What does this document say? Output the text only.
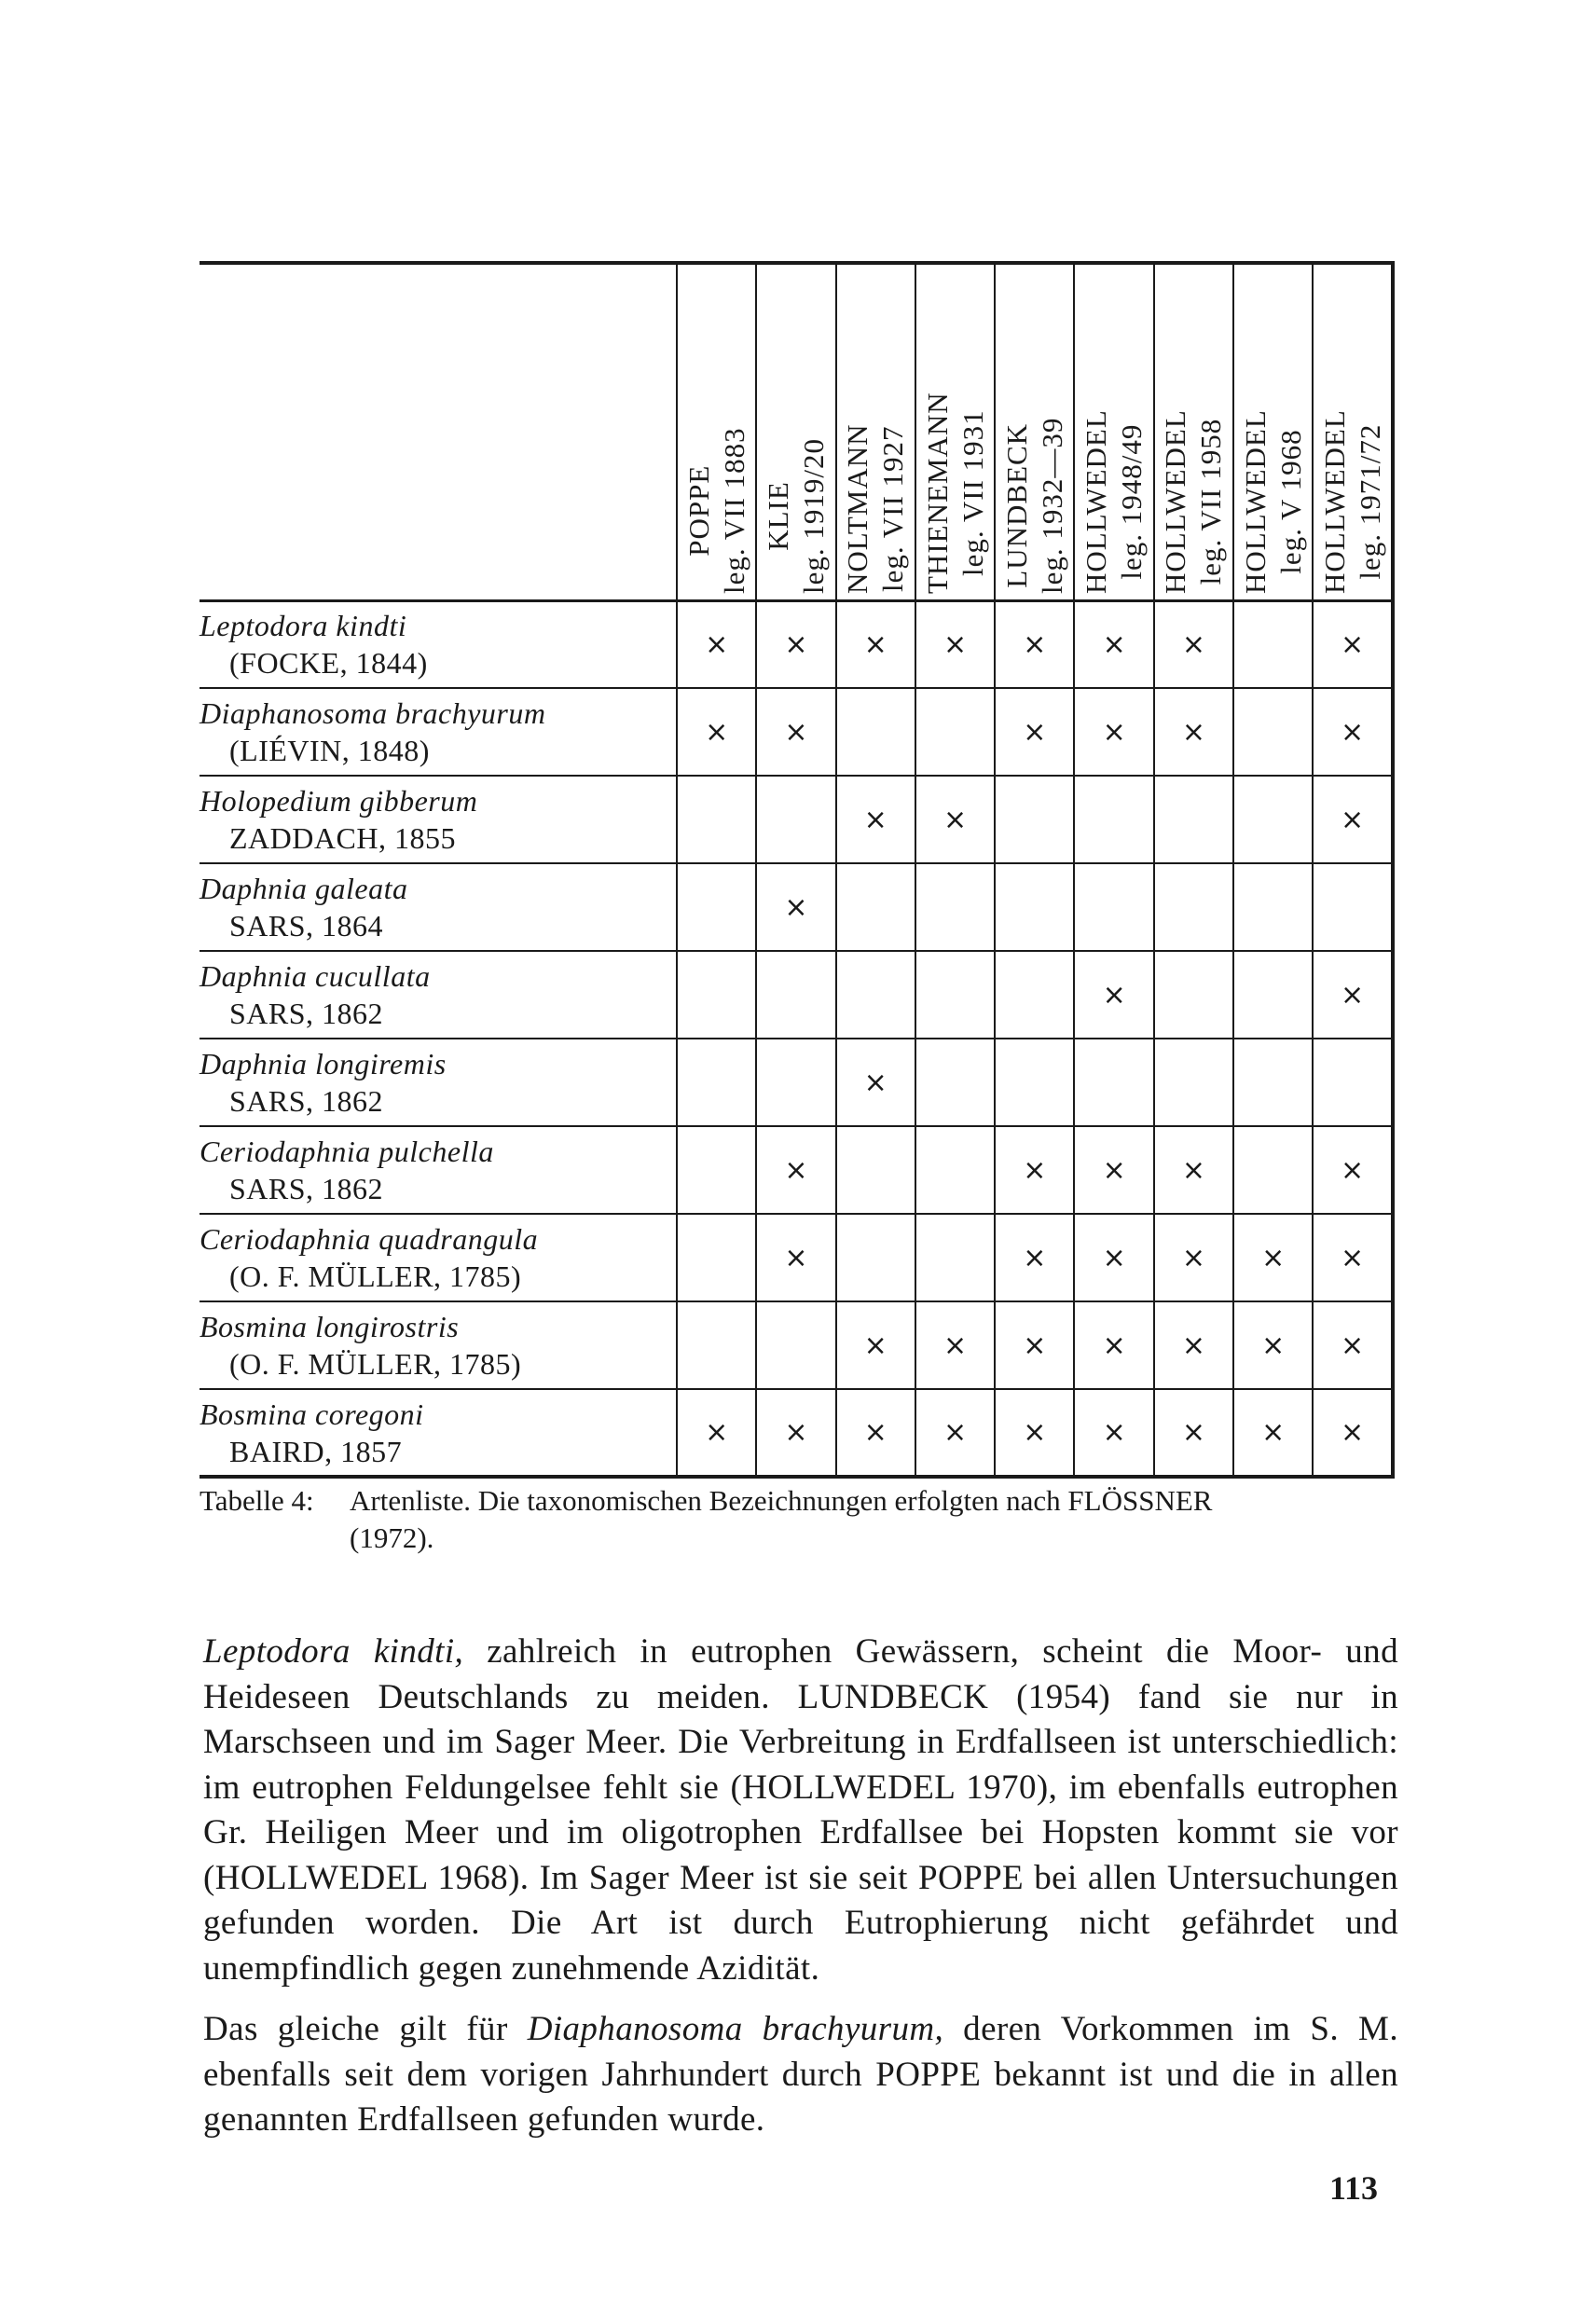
	POPPE leg. VII 1883	KLIE leg. 1919/20	NOLTMANN leg. VII 1927	THIENEMANN leg. VII 1931	LUNDBECK leg. 1932—39	HOLLWEDEL leg. 1948/49	HOLLWEDEL leg. VII 1958	HOLLWEDEL leg. V 1968	HOLLWEDEL leg. 1971/72

Leptodora kindti
(FOCKE, 1844)	×	×	×	×	×	×	×		×

Diaphanosoma brachyurum
(LIÉVIN, 1848)	×	×			×	×	×		×

Holopedium gibberum
ZADDACH, 1855			×	×					×

Daphnia galeata
SARS, 1864		×							

Daphnia cucullata
SARS, 1862						×			×

Daphnia longiremis
SARS, 1862			×						

Ceriodaphnia pulchella
SARS, 1862		×			×	×	×		×

Ceriodaphnia quadrangula
(O. F. MÜLLER, 1785)		×			×	×	×	×	×

Bosmina longirostris
(O. F. MÜLLER, 1785)			×	×	×	×	×	×	×

Bosmina coregoni
BAIRD, 1857	×	×	×	×	×	×	×	×	×
Tabelle 4: Artenliste. Die taxonomischen Bezeichnungen erfolgten nach FLÖSSNER
(1972).

Leptodora kindti, zahlreich in eutrophen Gewässern, scheint die Moor- und Heideseen Deutschlands zu meiden. LUNDBECK (1954) fand sie nur in Marschseen und im Sager Meer. Die Verbreitung in Erdfallseen ist unterschiedlich: im eutrophen Feldungelsee fehlt sie (HOLLWEDEL 1970), im ebenfalls eutrophen Gr. Heiligen Meer und im oligotrophen Erdfallsee bei Hopsten kommt sie vor (HOLLWEDEL 1968). Im Sager Meer ist sie seit POPPE bei allen Untersuchungen gefunden worden. Die Art ist durch Eutrophierung nicht gefährdet und unempfindlich gegen zunehmende Azidität.

Das gleiche gilt für Diaphanosoma brachyurum, deren Vorkommen im S. M. ebenfalls seit dem vorigen Jahrhundert durch POPPE bekannt ist und die in allen genannten Erdfallseen gefunden wurde.

113
